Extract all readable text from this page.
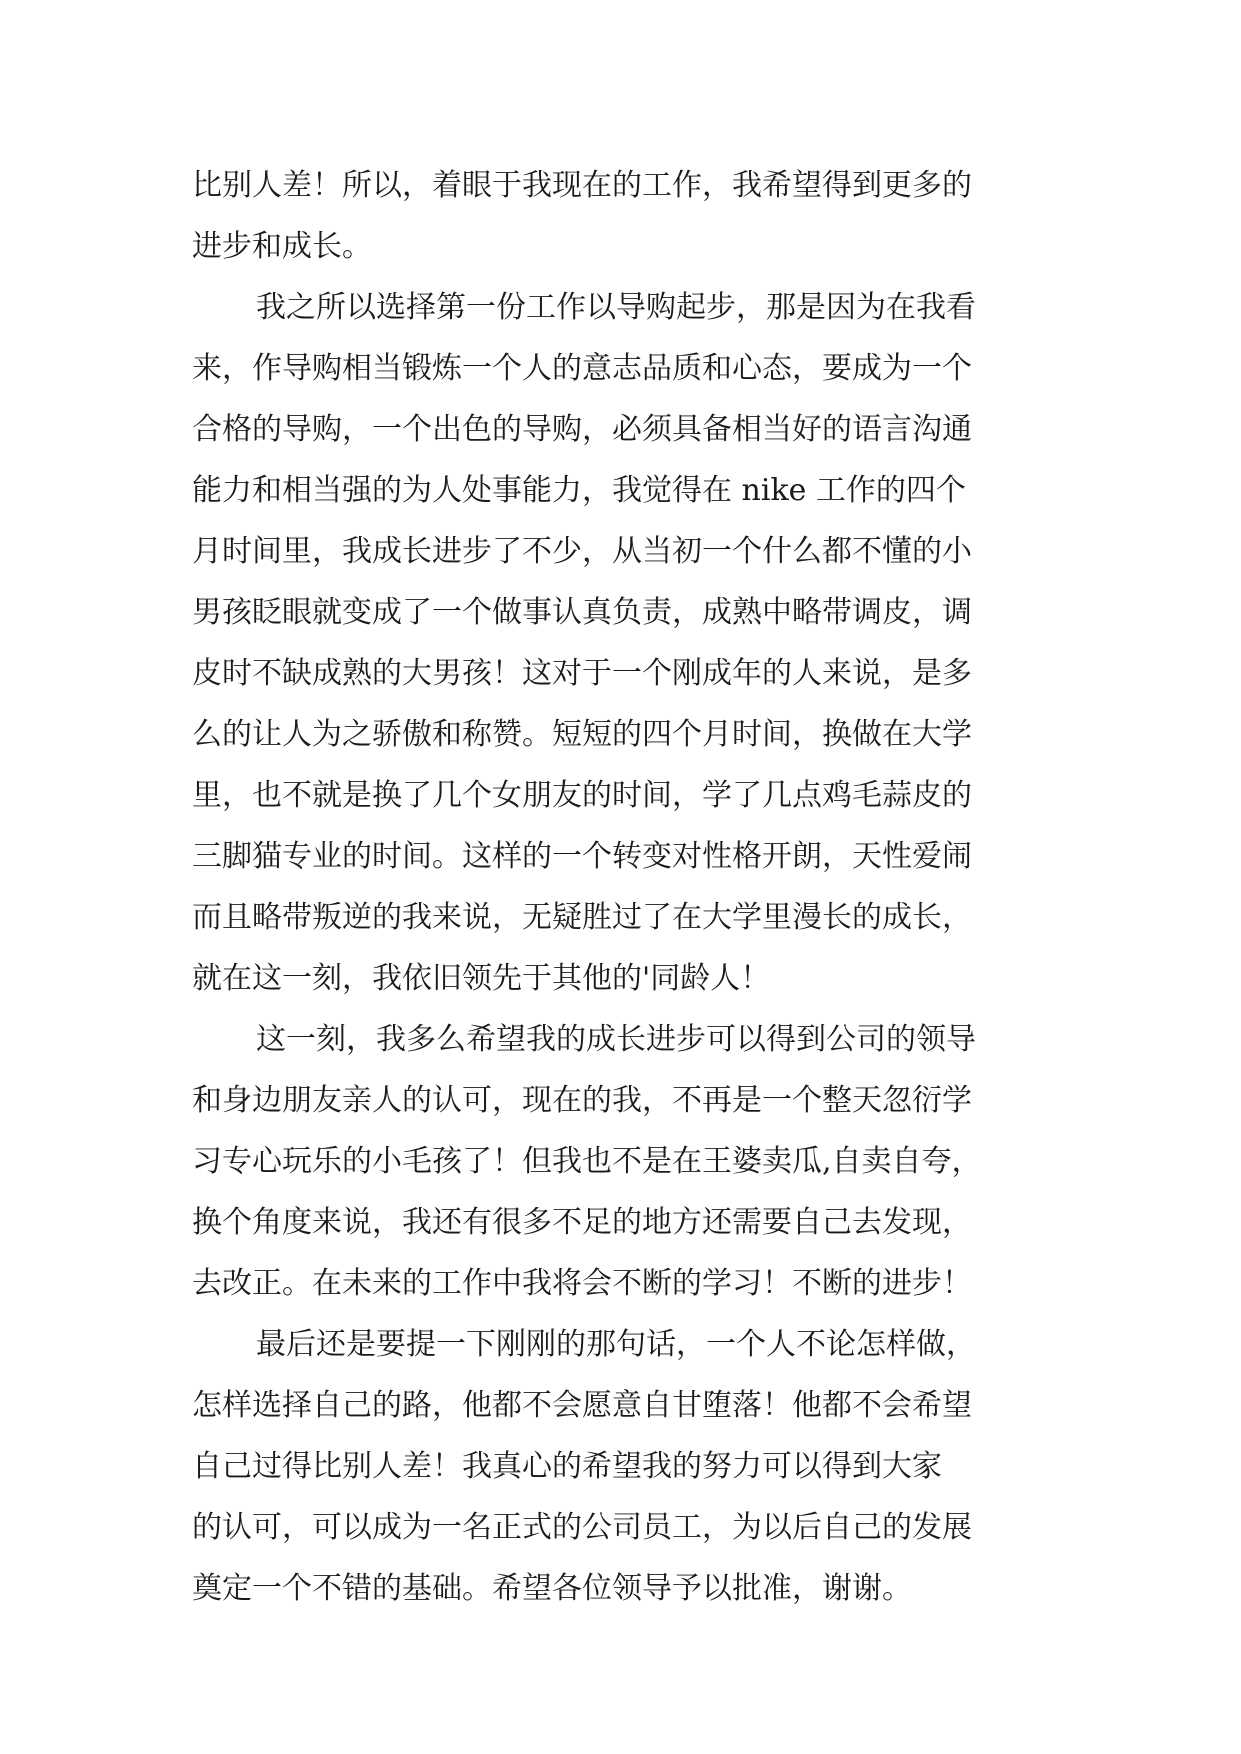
比别人差！所以，着眼于我现在的工作，我希望得到更多的
进步和成长。
我之所以选择第一份工作以导购起步，那是因为在我看
来，作导购相当锻炼一个人的意志品质和心态，要成为一个
合格的导购，一个出色的导购，必须具备相当好的语言沟通
能力和相当强的为人处事能力，我觉得在 nike 工作的四个
月时间里，我成长进步了不少，从当初一个什么都不懂的小
男孩眨眼就变成了一个做事认真负责，成熟中略带调皮，调
皮时不缺成熟的大男孩！这对于一个刚成年的人来说，是多
么的让人为之骄傲和称赞。短短的四个月时间，换做在大学
里，也不就是换了几个女朋友的时间，学了几点鸡毛蒜皮的
三脚猫专业的时间。这样的一个转变对性格开朗，天性爱闹
而且略带叛逆的我来说，无疑胜过了在大学里漫长的成长，
就在这一刻，我依旧领先于其他的'同龄人！
这一刻，我多么希望我的成长进步可以得到公司的领导
和身边朋友亲人的认可，现在的我，不再是一个整天忽衍学
习专心玩乐的小毛孩了！但我也不是在王婆卖瓜,自卖自夸，
换个角度来说，我还有很多不足的地方还需要自己去发现，
去改正。在未来的工作中我将会不断的学习！不断的进步！
最后还是要提一下刚刚的那句话，一个人不论怎样做，
怎样选择自己的路，他都不会愿意自甘堕落！他都不会希望
自己过得比别人差！我真心的希望我的努力可以得到大家
的认可，可以成为一名正式的公司员工，为以后自己的发展
奠定一个不错的基础。希望各位领导予以批准，谢谢。
